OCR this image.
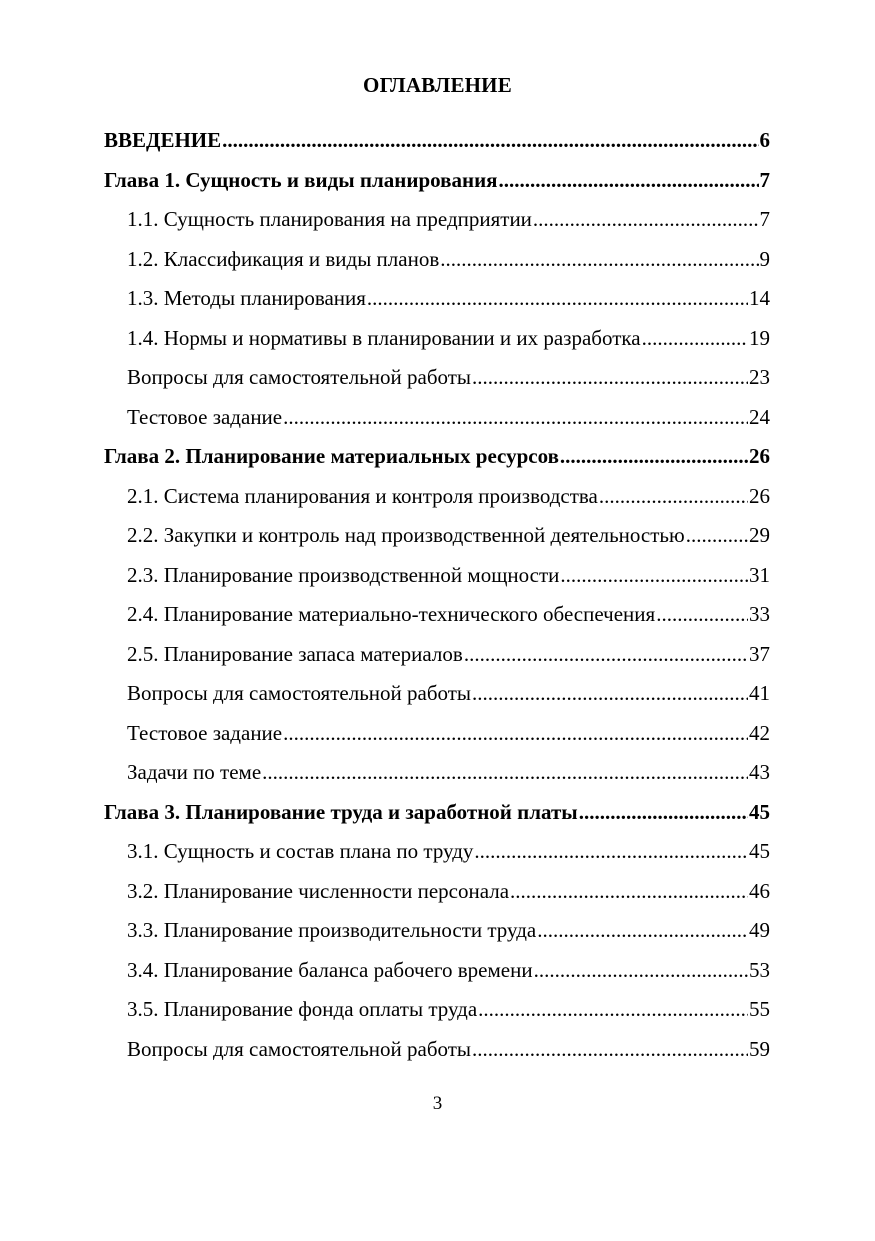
ОГЛАВЛЕНИЕ
ВВЕДЕНИЕ .....	6
Глава 1. Сущность и виды планирования .....	7
1.1. Сущность планирования на предприятии .....	7
1.2. Классификация и виды планов .....	9
1.3. Методы планирования .....	14
1.4. Нормы и нормативы в планировании и их разработка .....	19
Вопросы для самостоятельной работы .....	23
Тестовое задание .....	24
Глава 2. Планирование материальных ресурсов .....	26
2.1. Система планирования и контроля производства .....	26
2.2. Закупки и контроль над производственной деятельностью .....	29
2.3. Планирование производственной мощности .....	31
2.4. Планирование материально-технического обеспечения .....	33
2.5. Планирование запаса материалов .....	37
Вопросы для самостоятельной работы .....	41
Тестовое задание .....	42
Задачи по теме .....	43
Глава 3. Планирование труда и заработной платы .....	45
3.1. Сущность и состав плана по труду .....	45
3.2. Планирование численности персонала .....	46
3.3. Планирование производительности труда .....	49
3.4. Планирование баланса рабочего времени .....	53
3.5. Планирование фонда оплаты труда .....	55
Вопросы для самостоятельной работы .....	59
3
